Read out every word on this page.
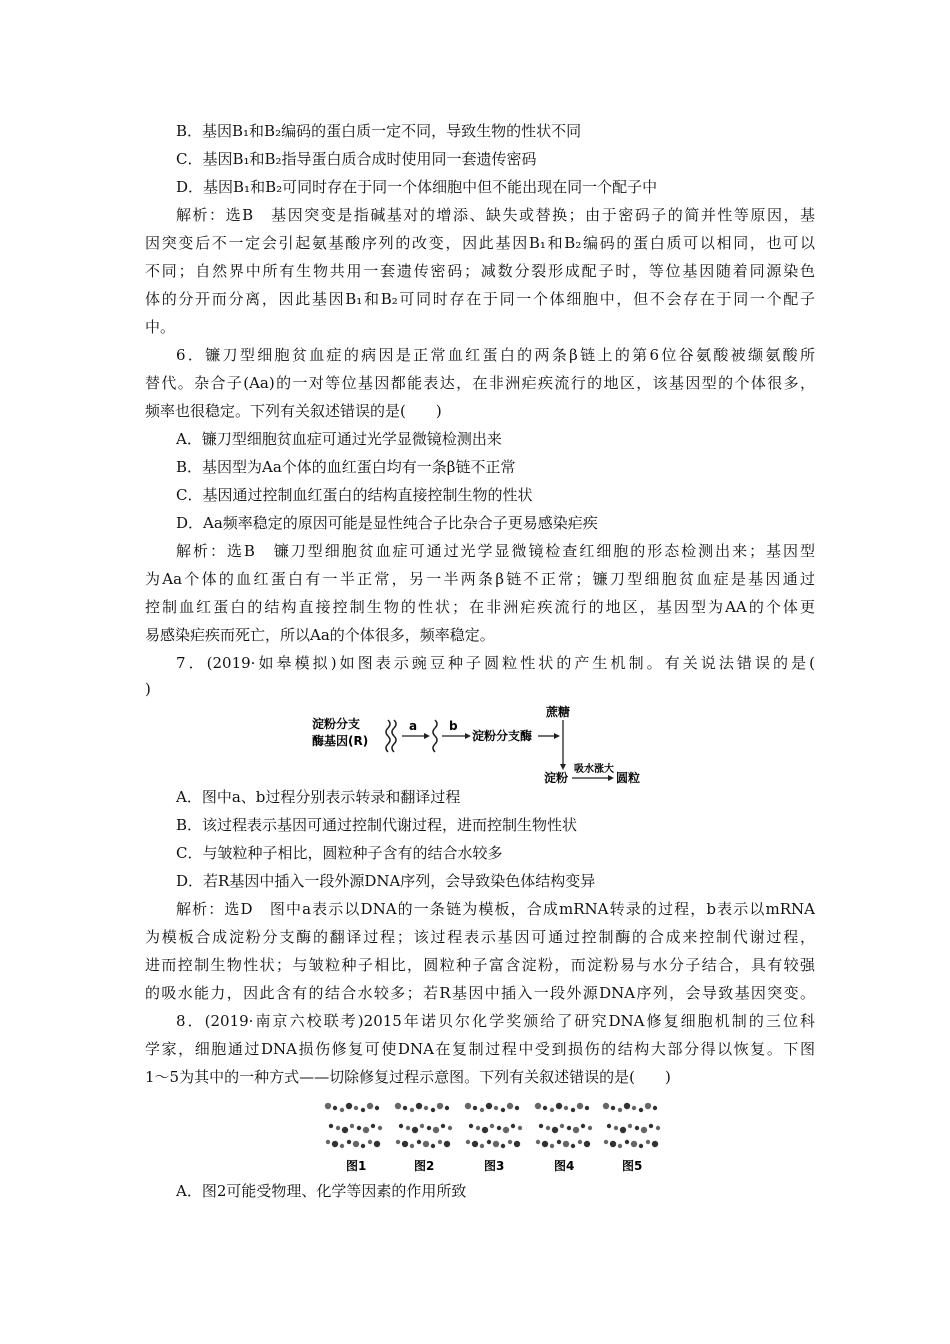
B．基因B₁和B₂编码的蛋白质一定不同，导致生物的性状不同
C．基因B₁和B₂指导蛋白质合成时使用同一套遗传密码
D．基因B₁和B₂可同时存在于同一个体细胞中但不能出现在同一个配子中
解析：选B　基因突变是指碱基对的增添、缺失或替换；由于密码子的简并性等原因，基
因突变后不一定会引起氨基酸序列的改变，因此基因B₁和B₂编码的蛋白质可以相同，也可以
不同；自然界中所有生物共用一套遗传密码；减数分裂形成配子时，等位基因随着同源染色
体的分开而分离，因此基因B₁和B₂可同时存在于同一个体细胞中，但不会存在于同一个配子
中。
6．镰刀型细胞贫血症的病因是正常血红蛋白的两条β链上的第6位谷氨酸被缬氨酸所
替代。杂合子(Aa)的一对等位基因都能表达，在非洲疟疾流行的地区，该基因型的个体很多，
频率也很稳定。下列有关叙述错误的是(　　)
A．镰刀型细胞贫血症可通过光学显微镜检测出来
B．基因型为Aa个体的血红蛋白均有一条β链不正常
C．基因通过控制血红蛋白的结构直接控制生物的性状
D．Aa频率稳定的原因可能是显性纯合子比杂合子更易感染疟疾
解析：选B　镰刀型细胞贫血症可通过光学显微镜检查红细胞的形态检测出来；基因型
为Aa个体的血红蛋白有一半正常，另一半两条β链不正常；镰刀型细胞贫血症是基因通过
控制血红蛋白的结构直接控制生物的性状；在非洲疟疾流行的地区，基因型为AA的个体更
易感染疟疾而死亡，所以Aa的个体很多，频率稳定。
7．(2019·如皋模拟)如图表示豌豆种子圆粒性状的产生机制。有关说法错误的是(
)
淀粉分支
酶基因(R)
a	b
淀粉分支酶
蔗糖
淀粉
吸水涨大
圆粒
A．图中a、b过程分别表示转录和翻译过程
B．该过程表示基因可通过控制代谢过程，进而控制生物性状
C．与皱粒种子相比，圆粒种子含有的结合水较多
D．若R基因中插入一段外源DNA序列，会导致染色体结构变异
解析：选D　图中a表示以DNA的一条链为模板，合成mRNA转录的过程，b表示以mRNA
为模板合成淀粉分支酶的翻译过程；该过程表示基因可通过控制酶的合成来控制代谢过程，
进而控制生物性状；与皱粒种子相比，圆粒种子富含淀粉，而淀粉易与水分子结合，具有较强
的吸水能力，因此含有的结合水较多；若R基因中插入一段外源DNA序列，会导致基因突变。
8．(2019·南京六校联考)2015年诺贝尔化学奖颁给了研究DNA修复细胞机制的三位科
学家，细胞通过DNA损伤修复可使DNA在复制过程中受到损伤的结构大部分得以恢复。下图
1～5为其中的一种方式——切除修复过程示意图。下列有关叙述错误的是(　　)
图1	图2	图3	图4	图5
A．图2可能受物理、化学等因素的作用所致
